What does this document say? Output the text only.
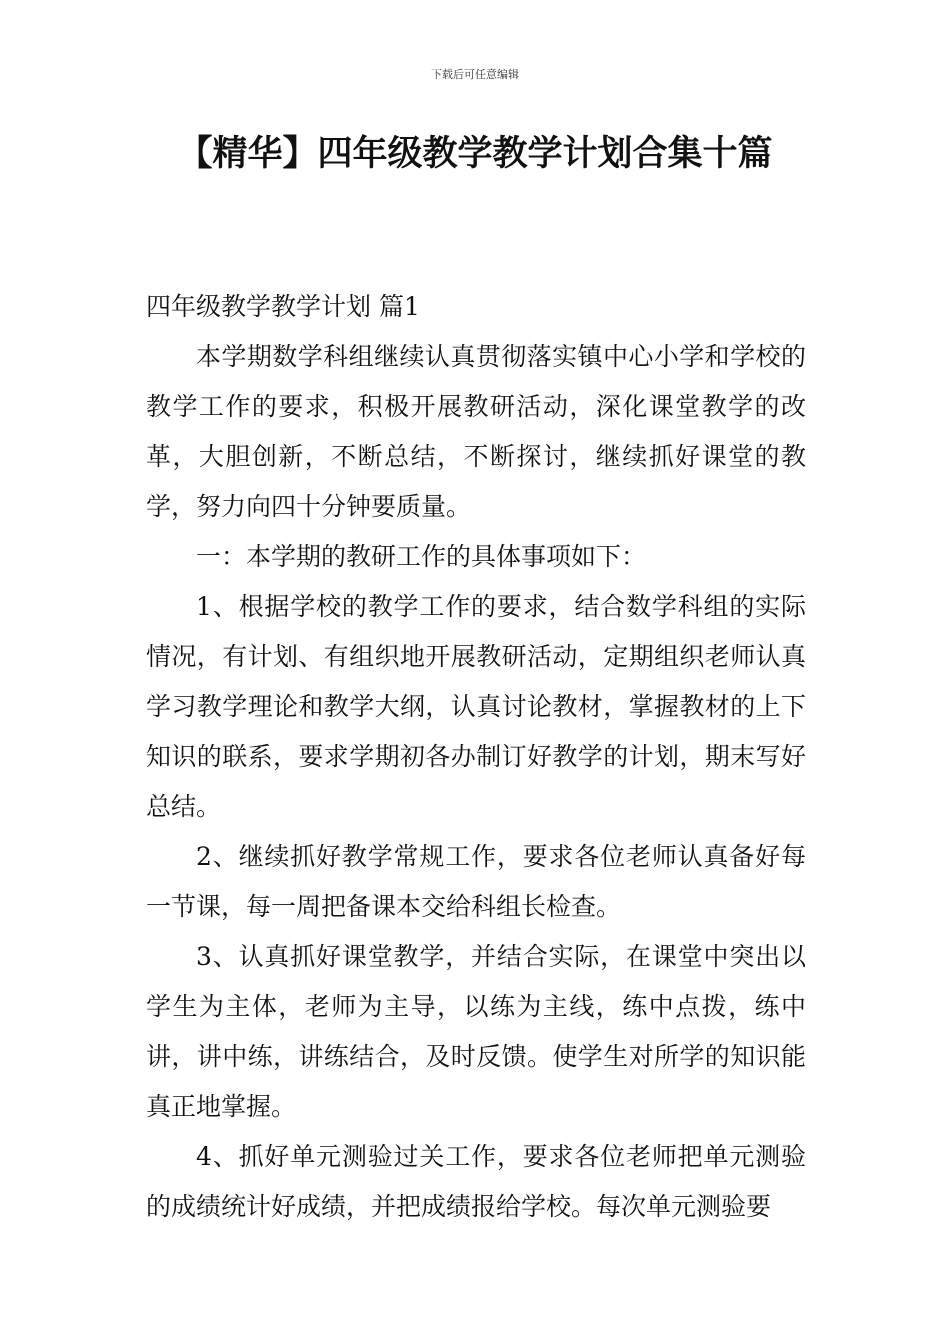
下载后可任意编辑
【精华】四年级教学教学计划合集十篇

四年级教学教学计划 篇1

本学期数学科组继续认真贯彻落实镇中心小学和学校的教学工作的要求，积极开展教研活动，深化课堂教学的改革，大胆创新，不断总结，不断探讨，继续抓好课堂的教学，努力向四十分钟要质量。

一：本学期的教研工作的具体事项如下：

1、根据学校的教学工作的要求，结合数学科组的实际情况，有计划、有组织地开展教研活动，定期组织老师认真学习教学理论和教学大纲，认真讨论教材，掌握教材的上下知识的联系，要求学期初各办制订好教学的计划，期末写好总结。

2、继续抓好教学常规工作，要求各位老师认真备好每一节课，每一周把备课本交给科组长检查。

3、认真抓好课堂教学，并结合实际，在课堂中突出以学生为主体，老师为主导，以练为主线，练中点拨，练中讲，讲中练，讲练结合，及时反馈。使学生对所学的知识能真正地掌握。

4、抓好单元测验过关工作，要求各位老师把单元测验的成绩统计好成绩，并把成绩报给学校。每次单元测验要
